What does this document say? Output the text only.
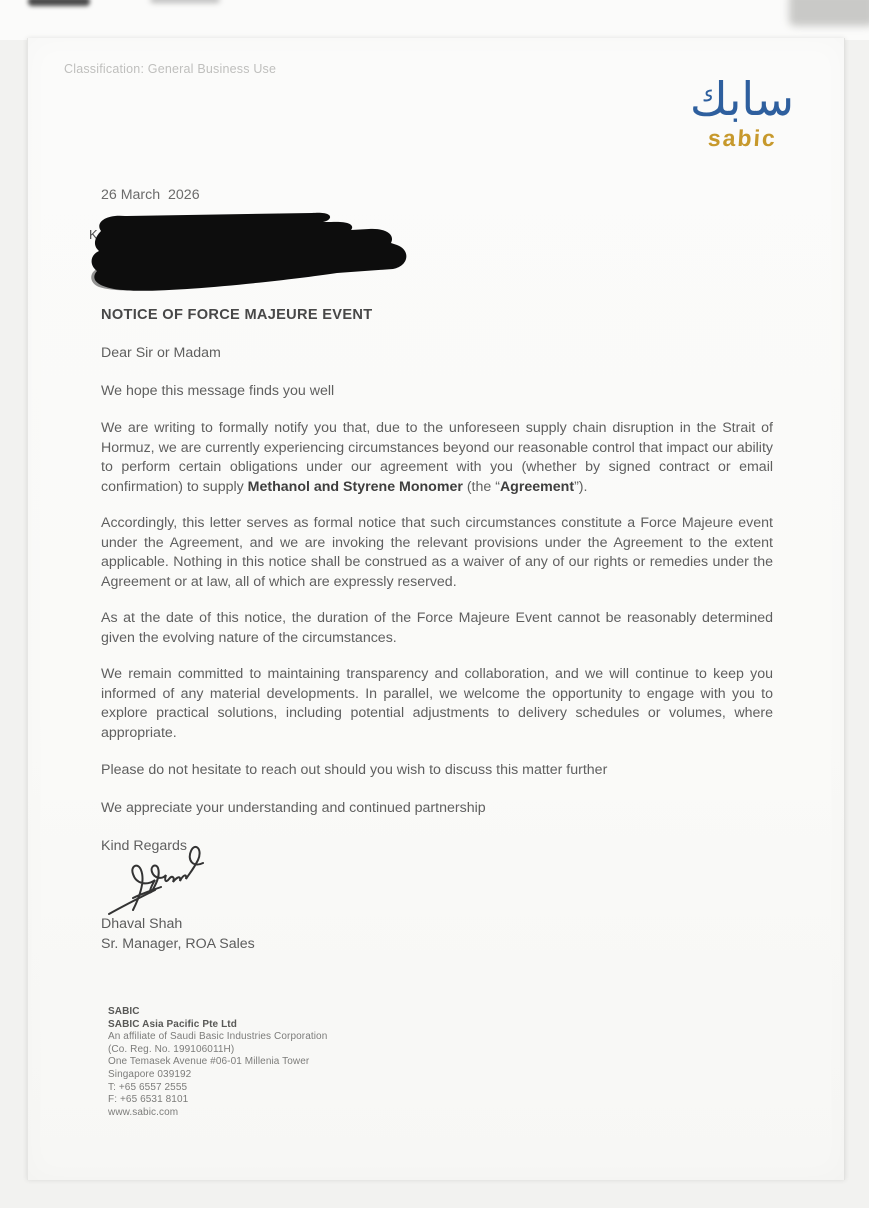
Classification: General Business Use
سابك
sabic

26 March  2026

K

NOTICE OF FORCE MAJEURE EVENT

Dear Sir or Madam

We hope this message finds you well

We are writing to formally notify you that, due to the unforeseen supply chain disruption in the Strait of Hormuz, we are currently experiencing circumstances beyond our reasonable control that impact our ability to perform certain obligations under our agreement with you (whether by signed contract or email confirmation) to supply Methanol and Styrene Monomer (the “Agreement”).

Accordingly, this letter serves as formal notice that such circumstances constitute a Force Majeure event under the Agreement, and we are invoking the relevant provisions under the Agreement to the extent applicable. Nothing in this notice shall be construed as a waiver of any of our rights or remedies under the Agreement or at law, all of which are expressly reserved.

As at the date of this notice, the duration of the Force Majeure Event cannot be reasonably determined given the evolving nature of the circumstances.

We remain committed to maintaining transparency and collaboration, and we will continue to keep you informed of any material developments. In parallel, we welcome the opportunity to engage with you to explore practical solutions, including potential adjustments to delivery schedules or volumes, where appropriate.

Please do not hesitate to reach out should you wish to discuss this matter further

We appreciate your understanding and continued partnership

Kind Regards

Dhaval Shah

Sr. Manager, ROA Sales

SABIC
SABIC Asia Pacific Pte Ltd
An affiliate of Saudi Basic Industries Corporation
(Co. Reg. No. 199106011H)
One Temasek Avenue #06-01 Millenia Tower
Singapore 039192
T: +65 6557 2555
F: +65 6531 8101
www.sabic.com
